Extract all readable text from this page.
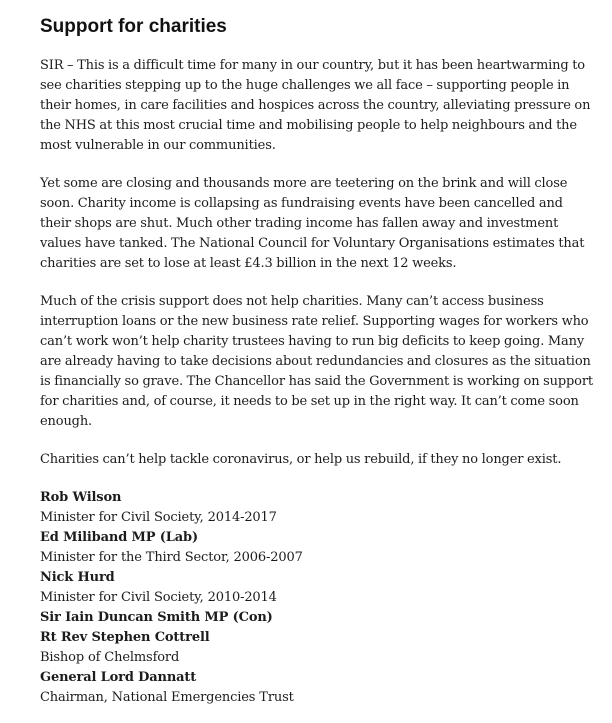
Support for charities

SIR – This is a difficult time for many in our country, but it has been heartwarming to see charities stepping up to the huge challenges we all face – supporting people in their homes, in care facilities and hospices across the country, alleviating pressure on the NHS at this most crucial time and mobilising people to help neighbours and the most vulnerable in our communities.

Yet some are closing and thousands more are teetering on the brink and will close soon. Charity income is collapsing as fundraising events have been cancelled and their shops are shut. Much other trading income has fallen away and investment values have tanked. The National Council for Voluntary Organisations estimates that charities are set to lose at least £4.3 billion in the next 12 weeks.

Much of the crisis support does not help charities. Many can’t access business interruption loans or the new business rate relief. Supporting wages for workers who can’t work won’t help charity trustees having to run big deficits to keep going. Many are already having to take decisions about redundancies and closures as the situation is financially so grave. The Chancellor has said the Government is working on support for charities and, of course, it needs to be set up in the right way. It can’t come soon enough.

Charities can’t help tackle coronavirus, or help us rebuild, if they no longer exist.

Rob Wilson
Minister for Civil Society, 2014-2017
Ed Miliband MP (Lab)
Minister for the Third Sector, 2006-2007
Nick Hurd
Minister for Civil Society, 2010-2014
Sir Iain Duncan Smith MP (Con)
Rt Rev Stephen Cottrell
Bishop of Chelmsford
General Lord Dannatt
Chairman, National Emergencies Trust
